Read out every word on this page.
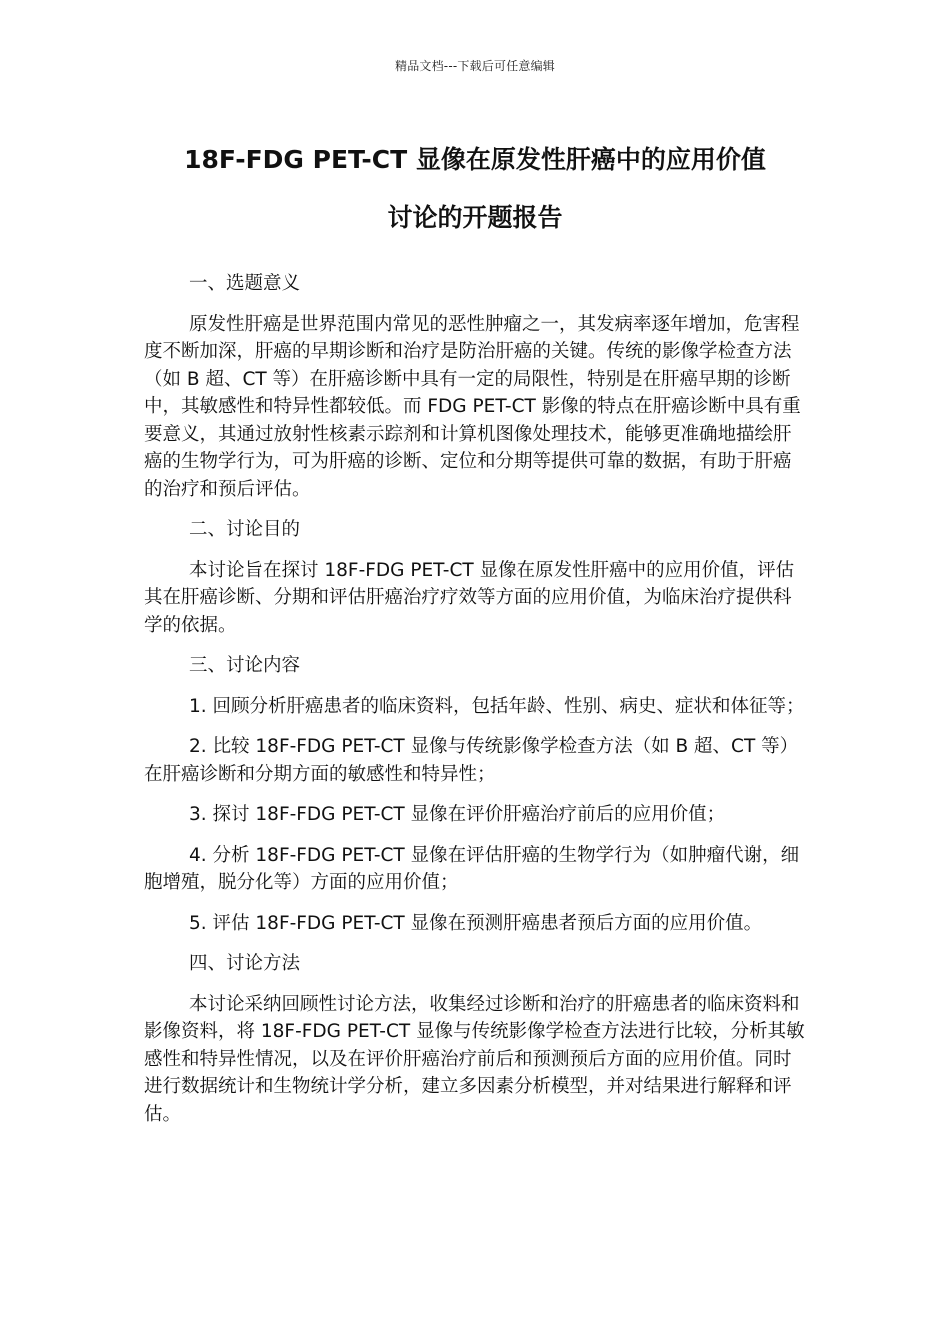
精品文档---下载后可任意编辑
18F-FDG PET-CT 显像在原发性肝癌中的应用价值
讨论的开题报告

一、选题意义

原发性肝癌是世界范围内常见的恶性肿瘤之一，其发病率逐年增加，危害程度不断加深，肝癌的早期诊断和治疗是防治肝癌的关键。传统的影像学检查方法（如 B 超、CT 等）在肝癌诊断中具有一定的局限性，特别是在肝癌早期的诊断中，其敏感性和特异性都较低。而 FDG PET-CT 影像的特点在肝癌诊断中具有重要意义，其通过放射性核素示踪剂和计算机图像处理技术，能够更准确地描绘肝癌的生物学行为，可为肝癌的诊断、定位和分期等提供可靠的数据，有助于肝癌的治疗和预后评估。

二、讨论目的

本讨论旨在探讨 18F-FDG PET-CT 显像在原发性肝癌中的应用价值，评估其在肝癌诊断、分期和评估肝癌治疗疗效等方面的应用价值，为临床治疗提供科学的依据。

三、讨论内容

1. 回顾分析肝癌患者的临床资料，包括年龄、性别、病史、症状和体征等；

2. 比较 18F-FDG PET-CT 显像与传统影像学检查方法（如 B 超、CT 等）在肝癌诊断和分期方面的敏感性和特异性；

3. 探讨 18F-FDG PET-CT 显像在评价肝癌治疗前后的应用价值；

4. 分析 18F-FDG PET-CT 显像在评估肝癌的生物学行为（如肿瘤代谢，细胞增殖，脱分化等）方面的应用价值；

5. 评估 18F-FDG PET-CT 显像在预测肝癌患者预后方面的应用价值。

四、讨论方法

本讨论采纳回顾性讨论方法，收集经过诊断和治疗的肝癌患者的临床资料和影像资料，将 18F-FDG PET-CT 显像与传统影像学检查方法进行比较，分析其敏感性和特异性情况，以及在评价肝癌治疗前后和预测预后方面的应用价值。同时进行数据统计和生物统计学分析，建立多因素分析模型，并对结果进行解释和评估。
